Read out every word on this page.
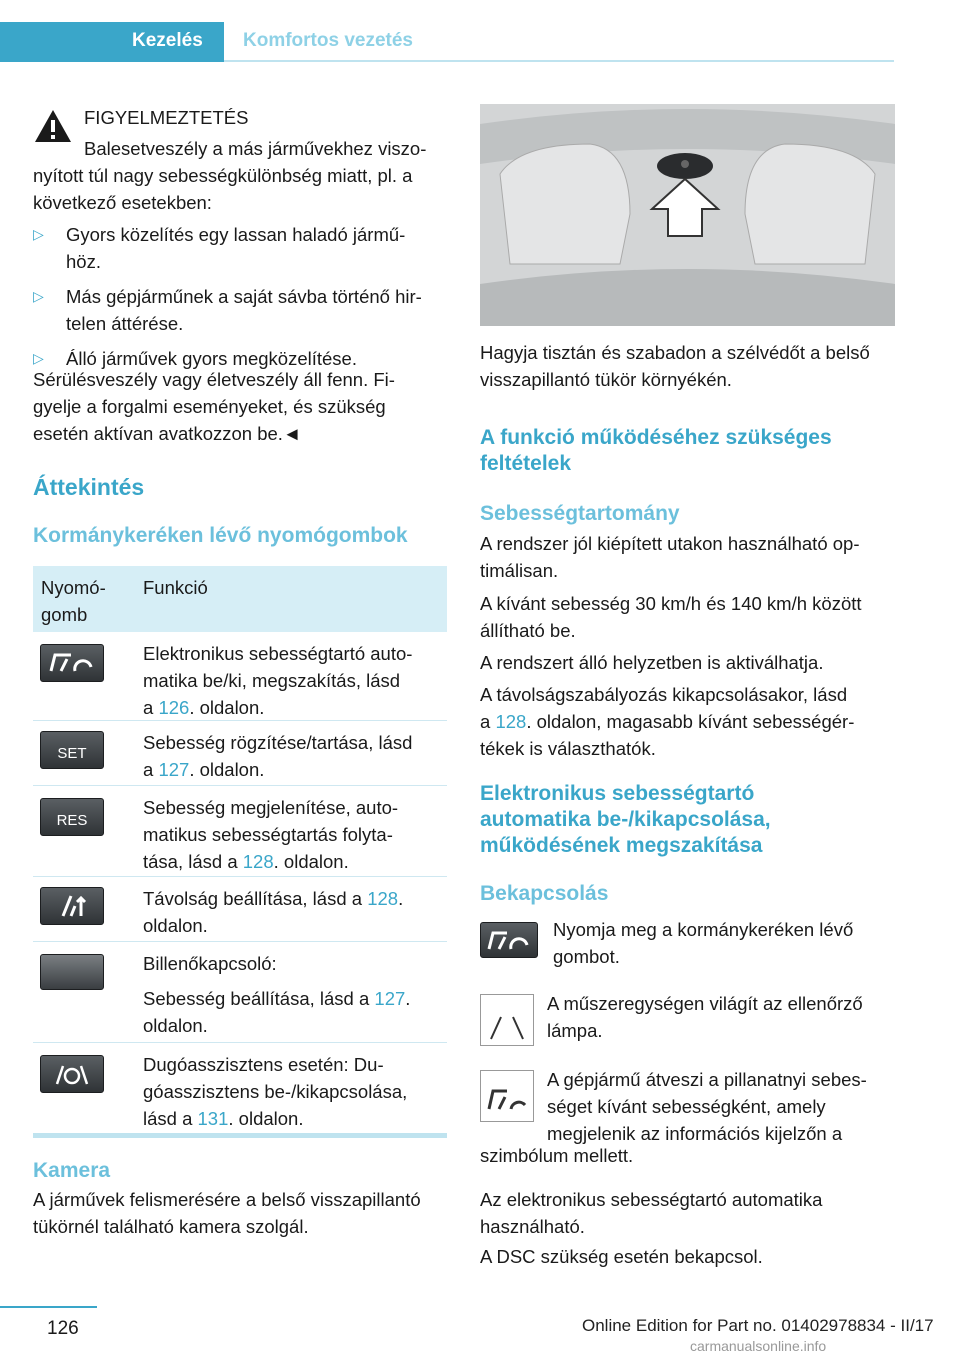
Kezelés Komfortos vezetés
FIGYELMEZTETÉS
Balesetveszély a más járművekhez viszo-
nyított túl nagy sebességkülönbség miatt, pl. a
következő esetekben:
▷ Gyors közelítés egy lassan haladó jármű-
höz.
▷ Más gépjárműnek a saját sávba történő hir-
telen áttérése.
▷ Álló járművek gyors megközelítése.
Sérülésveszély vagy életveszély áll fenn. Fi-
gyelje a forgalmi eseményeket, és szükség
esetén aktívan avatkozzon be.◄
Áttekintés
Kormánykeréken lévő nyomógombok
Nyomó-
gomb
Funkció
Elektronikus sebességtartó auto-
matika be/ki, megszakítás, lásd
a 126. oldalon.
SET
Sebesség rögzítése/tartása, lásd
a 127. oldalon.
RES
Sebesség megjelenítése, auto-
matikus sebességtartás folyta-
tása, lásd a 128. oldalon.
Távolság beállítása, lásd a 128.
oldalon.
Billenőkapcsoló:
Sebesség beállítása, lásd a 127.
oldalon.
Dugóasszisztens esetén: Du-
góasszisztens be-/kikapcsolása,
lásd a 131. oldalon.
Kamera
A járművek felismerésére a belső visszapillantó
tükörnél található kamera szolgál.
Hagyja tisztán és szabadon a szélvédőt a belső
visszapillantó tükör környékén.
A funkció működéséhez szükséges
feltételek
Sebességtartomány
A rendszer jól kiépített utakon használható op-
timálisan.
A kívánt sebesség 30 km/h és 140 km/h között
állítható be.
A rendszert álló helyzetben is aktiválhatja.
A távolságszabályozás kikapcsolásakor, lásd
a 128. oldalon, magasabb kívánt sebességér-
tékek is választhatók.
Elektronikus sebességtartó
automatika be-/kikapcsolása,
működésének megszakítása
Bekapcsolás
Nyomja meg a kormánykeréken lévő
gombot.
A műszeregységen világít az ellenőrző
lámpa.
A gépjármű átveszi a pillanatnyi sebes-
séget kívánt sebességként, amely
megjelenik az információs kijelzőn a
szimbólum mellett.
Az elektronikus sebességtartó automatika
használható.
A DSC szükség esetén bekapcsol.
126	Online Edition for Part no. 01402978834 - II/17
carmanualsonline.info
